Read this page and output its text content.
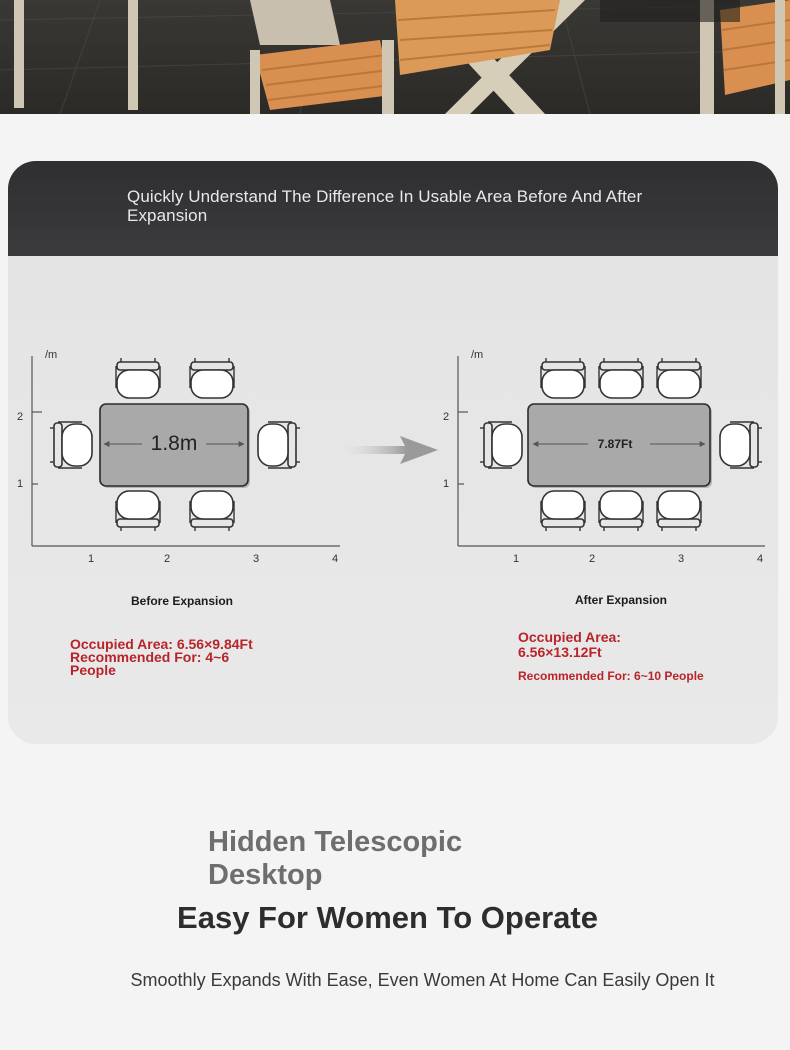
Quickly Understand The Difference In Usable Area Before And After Expansion
/m
2
1
1	2	3	4
1.8m
/m
2
1
1	2	3	4
7.87Ft
Before Expansion	After Expansion
Occupied Area: 6.56×9.84Ft
Recommended For: 4~6
People
Occupied Area:
6.56×13.12Ft
Recommended For: 6~10 People
Hidden Telescopic
Desktop
Easy For Women To Operate
Smoothly Expands With Ease, Even Women At Home Can Easily Open It
